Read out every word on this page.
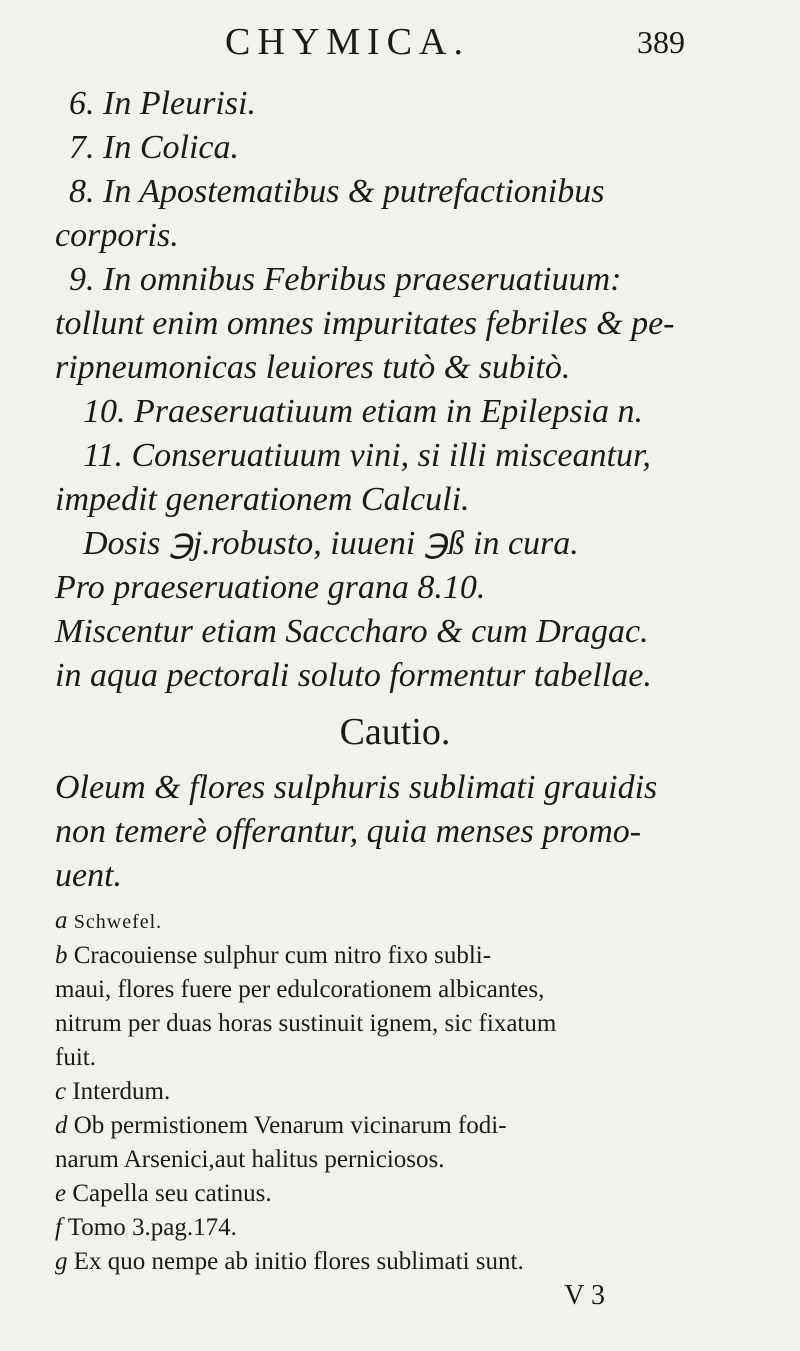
CHYMICA.	389

6. In Pleurisi.

7. In Colica.

8. In Apostematibus & putrefactionibus

corporis.

9. In omnibus Febribus praeseruatiuum:

tollunt enim omnes impuritates febriles & pe-

ripneumonicas leuiores tutò & subitò.

10. Praeseruatiuum etiam in Epilepsia n.

11. Conseruatiuum vini, si illi misceantur,

impedit generationem Calculi.

Dosis ℈j.robusto, iuueni ℈ß in cura.

Pro praeseruatione grana 8.10.

Miscentur etiam Sacccharo & cum Dragac.

in aqua pectorali soluto formentur tabellae.

Cautio.

Oleum & flores sulphuris sublimati grauidis

non temerè offerantur, quia menses promo-

uent.

a Schwefel.

b Cracouiense sulphur cum nitro fixo subli-

maui, flores fuere per edulcorationem albicantes,

nitrum per duas horas sustinuit ignem, sic fixatum

fuit.

c Interdum.

d Ob permistionem Venarum vicinarum fodi-

narum Arsenici,aut halitus perniciosos.

e Capella seu catinus.

f Tomo 3.pag.174.

g Ex quo nempe ab initio flores sublimati sunt.

V 3
